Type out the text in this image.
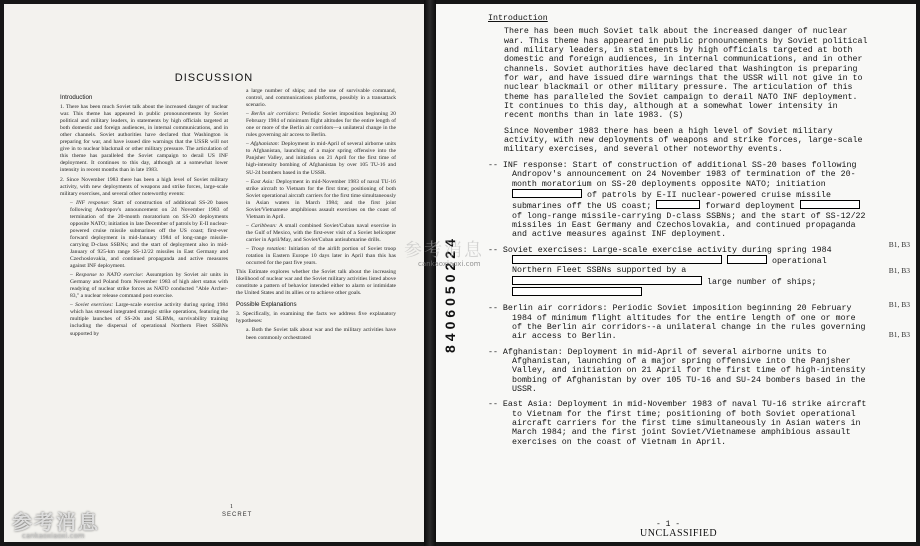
DISCUSSION
Introduction

1. There has been much Soviet talk about the increased danger of nuclear war. This theme has appeared in public pronouncements by Soviet political and military leaders, in statements by high officials targeted at both domestic and foreign audiences, in internal communications, and in other channels. Soviet authorities have declared that Washington is preparing for war, and have issued dire warnings that the USSR will not give in to nuclear blackmail or other military pressure. The articulation of this theme has paralleled the Soviet campaign to derail US INF deployment. It continues to this day, although at a somewhat lower intensity in recent months than in late 1983.

2. Since November 1983 there has been a high level of Soviet military activity, with new deployments of weapons and strike forces, large-scale military exercises, and several other noteworthy events:

– INF response: Start of construction of additional SS-20 bases following Andropov's announcement on 24 November 1983 of termination of the 20-month moratorium on SS-20 deployments opposite NATO; initiation in late December of patrols by E-II nuclear-powered cruise missile submarines off the US coast; first-ever forward deployment in mid-January 1984 of long-range missile-carrying D-class SSBNs; and the start of deployment also in mid-January of 925-km range SS-12/22 missiles in East Germany and Czechoslovakia, and continued propaganda and active measures against INF deployment.

– Response to NATO exercise: Assumption by Soviet air units in Germany and Poland from November 1983 of high alert status with readying of nuclear strike forces as NATO conducted "Able Archer-83," a nuclear release command post exercise.

– Soviet exercises: Large-scale exercise activity during spring 1984 which has stressed integrated strategic strike operations, featuring the multiple launches of SS-20s and SLBMs, survivability training including the dispersal of operational Northern Fleet SSBNs supported by

a large number of ships; and the use of survivable command, control, and communications platforms, possibly in a transattack scenario.

– Berlin air corridors: Periodic Soviet imposition beginning 20 February 1984 of minimum flight altitudes for the entire length of one or more of the Berlin air corridors—a unilateral change in the rules governing air access to Berlin.

– Afghanistan: Deployment in mid-April of several airborne units to Afghanistan, launching of a major spring offensive into the Panjsher Valley, and initiation on 21 April for the first time of high-intensity bombing of Afghanistan by over 105 TU-16 and SU-24 bombers based in the USSR.

– East Asia: Deployment in mid-November 1983 of naval TU-16 strike aircraft to Vietnam for the first time; positioning of both Soviet operational aircraft carriers for the first time simultaneously in Asian waters in March 1984; and the first joint Soviet/Vietnamese amphibious assault exercises on the coast of Vietnam in April.

– Caribbean: A small combined Soviet/Cuban naval exercise in the Gulf of Mexico, with the first-ever visit of a Soviet helicopter carrier in April/May, and Soviet/Cuban antisubmarine drills.

– Troop rotation: Initiation of the airlift portion of Soviet troop rotation in Eastern Europe 10 days later in April than this has occurred for the past five years.

This Estimate explores whether the Soviet talk about the increasing likelihood of nuclear war and the Soviet military activities listed above constitute a pattern of behavior intended either to alarm or intimidate the United States and its allies or to achieve other goals.

Possible Explanations

3. Specifically, in examining the facts we address five explanatory hypotheses:

a. Both the Soviet talk about war and the military activities have been commonly orchestrated

1
SECRET
8406050224
Introduction
There has been much Soviet talk about the increased danger of nuclear war. This theme has appeared in public pronouncements by Soviet political and military leaders, in statements by high officials targeted at both domestic and foreign audiences, in internal communications, and in other channels. Soviet authorities have declared that Washington is preparing for war, and have issued dire warnings that the USSR will not give in to nuclear blackmail or other military pressure. The articulation of this theme has paralleled the Soviet campaign to derail NATO INF deployment. It continues to this day, although at a somewhat lower intensity in recent months than in late 1983. (S)
Since November 1983 there has been a high level of Soviet military activity, with new deployments of weapons and strike forces, large-scale military exercises, and several other noteworthy events.
-- INF response: Start of construction of additional SS-20 bases following Andropov's announcement on 24 November 1983 of termination of the 20-month moratorium on SS-20 deployments opposite NATO; initiation  of patrols by E-II nuclear-powered cruise missile submarines off the US coast;	forward deployment  of long-range missile-carrying D-class SSBNs; and the start of SS-12/22 missiles in East Germany and Czechoslovakia, and continued propaganda and active measures against INF deployment.
-- Soviet exercises: Large-scale exercise activity during spring 1984   operational Northern Fleet SSBNs supported by a  large number of ships;
-- Berlin air corridors: Periodic Soviet imposition beginning 20 February 1984 of minimum flight altitudes for the entire length of one or more of the Berlin air corridors--a unilateral change in the rules governing air access to Berlin.
-- Afghanistan: Deployment in mid-April of several airborne units to Afghanistan, launching of a major spring offensive into the Panjsher Valley, and initiation on 21 April for the first time of high-intensity bombing of Afghanistan by over 105 TU-16 and SU-24 bombers based in the USSR.
-- East Asia: Deployment in mid-November 1983 of naval TU-16 strike aircraft to Vietnam for the first time; positioning of both Soviet operational aircraft carriers for the first time simultaneously in Asian waters in March 1984; and the first joint Soviet/Vietnamese amphibious assault exercises on the coast of Vietnam in April.
B1, B3
B1, B3
B1, B3
B1, B3
- 1 -
UNCLASSIFIED
参考消息
cankaoxiaoxi.com
参考消息
cankaoxiaoxi.com
